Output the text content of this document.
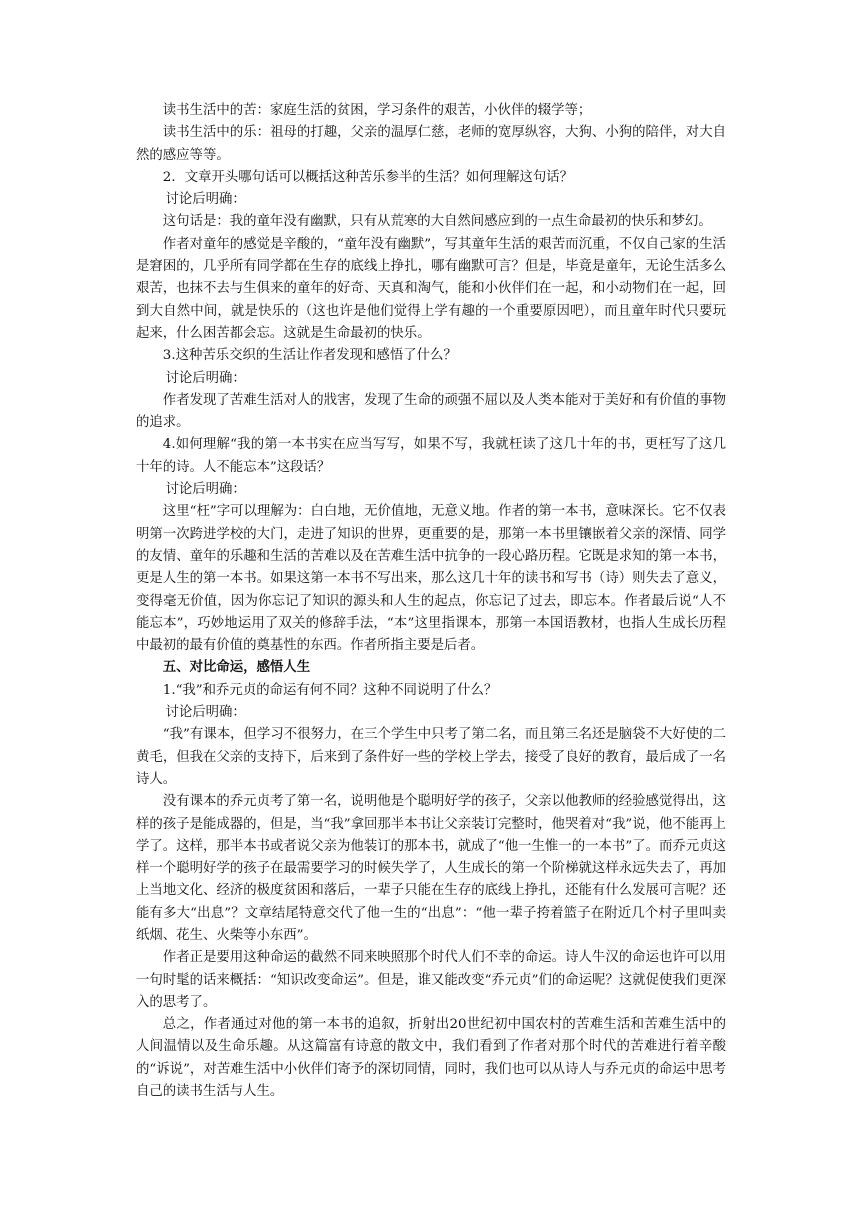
读书生活中的苦：家庭生活的贫困，学习条件的艰苦，小伙伴的辍学等；

读书生活中的乐：祖母的打趣，父亲的温厚仁慈，老师的宽厚纵容，大狗、小狗的陪伴，对大自然的感应等等。

2．文章开头哪句话可以概括这种苦乐参半的生活？如何理解这句话？

讨论后明确：

这句话是：我的童年没有幽默，只有从荒寒的大自然间感应到的一点生命最初的快乐和梦幻。

作者对童年的感觉是辛酸的，“童年没有幽默”，写其童年生活的艰苦而沉重，不仅自己家的生活是窘困的，几乎所有同学都在生存的底线上挣扎，哪有幽默可言？但是，毕竟是童年，无论生活多么艰苦，也抹不去与生俱来的童年的好奇、天真和淘气，能和小伙伴们在一起，和小动物们在一起，回到大自然中间，就是快乐的（这也许是他们觉得上学有趣的一个重要原因吧），而且童年时代只要玩起来，什么困苦都会忘。这就是生命最初的快乐。

3.这种苦乐交织的生活让作者发现和感悟了什么？

讨论后明确：

作者发现了苦难生活对人的戕害，发现了生命的顽强不屈以及人类本能对于美好和有价值的事物的追求。

4.如何理解“我的第一本书实在应当写写，如果不写，我就枉读了这几十年的书，更枉写了这几十年的诗。人不能忘本”这段话？

讨论后明确：

这里“枉”字可以理解为：白白地，无价值地，无意义地。作者的第一本书，意味深长。它不仅表明第一次跨进学校的大门，走进了知识的世界，更重要的是，那第一本书里镶嵌着父亲的深情、同学的友情、童年的乐趣和生活的苦难以及在苦难生活中抗争的一段心路历程。它既是求知的第一本书，更是人生的第一本书。如果这第一本书不写出来，那么这几十年的读书和写书（诗）则失去了意义，变得毫无价值，因为你忘记了知识的源头和人生的起点，你忘记了过去，即忘本。作者最后说“人不能忘本”，巧妙地运用了双关的修辞手法，“本”这里指课本，那第一本国语教材，也指人生成长历程中最初的最有价值的奠基性的东西。作者所指主要是后者。

五、对比命运，感悟人生

1.“我”和乔元贞的命运有何不同？这种不同说明了什么？

讨论后明确：

“我”有课本，但学习不很努力，在三个学生中只考了第二名，而且第三名还是脑袋不大好使的二黄毛，但我在父亲的支持下，后来到了条件好一些的学校上学去，接受了良好的教育，最后成了一名诗人。

没有课本的乔元贞考了第一名，说明他是个聪明好学的孩子，父亲以他教师的经验感觉得出，这样的孩子是能成器的，但是，当“我”拿回那半本书让父亲装订完整时，他哭着对“我”说，他不能再上学了。这样，那半本书或者说父亲为他装订的那本书，就成了“他一生惟一的一本书”了。而乔元贞这样一个聪明好学的孩子在最需要学习的时候失学了，人生成长的第一个阶梯就这样永远失去了，再加上当地文化、经济的极度贫困和落后，一辈子只能在生存的底线上挣扎，还能有什么发展可言呢？还能有多大“出息”？文章结尾特意交代了他一生的“出息”：“他一辈子挎着篮子在附近几个村子里叫卖纸烟、花生、火柴等小东西”。

作者正是要用这种命运的截然不同来映照那个时代人们不幸的命运。诗人牛汉的命运也许可以用一句时髦的话来概括：“知识改变命运”。但是，谁又能改变“乔元贞”们的命运呢？这就促使我们更深入的思考了。

总之，作者通过对他的第一本书的追叙，折射出20世纪初中国农村的苦难生活和苦难生活中的人间温情以及生命乐趣。从这篇富有诗意的散文中，我们看到了作者对那个时代的苦难进行着辛酸的“诉说”，对苦难生活中小伙伴们寄予的深切同情，同时，我们也可以从诗人与乔元贞的命运中思考自己的读书生活与人生。
